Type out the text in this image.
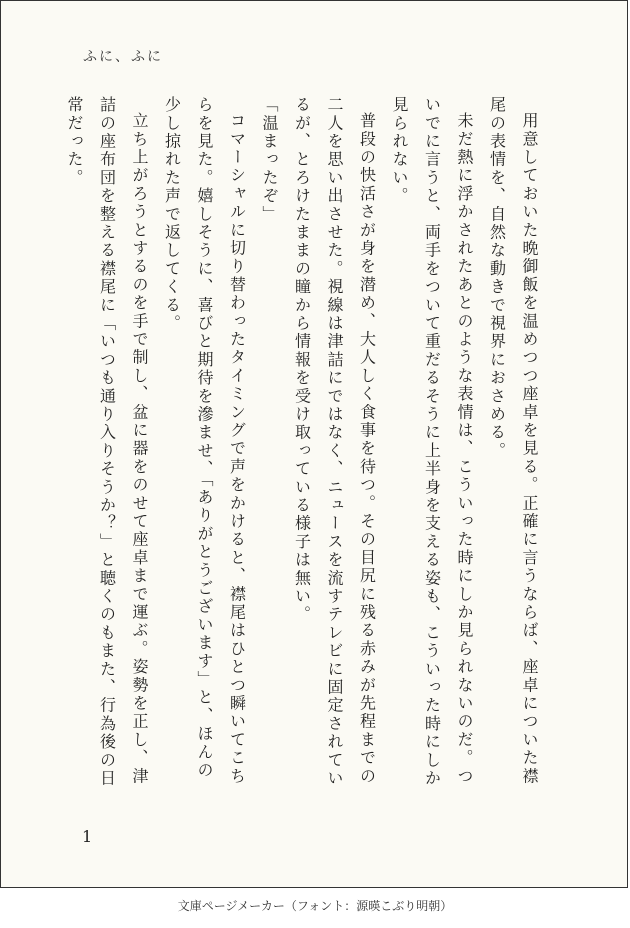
ふに、ふに

用意しておいた晩御飯を温めつつ座卓を見る。正確に言うならば、座卓についた襟尾の表情を、自然な動きで視界におさめる。

未だ熱に浮かされたあとのような表情は、こういった時にしか見られないのだ。ついでに言うと、両手をついて重だるそうに上半身を支える姿も、こういった時にしか見られない。

普段の快活さが身を潜め、大人しく食事を待つ。その目尻に残る赤みが先程までの二人を思い出させた。視線は津詰にではなく、ニュースを流すテレビに固定されているが、とろけたままの瞳から情報を受け取っている様子は無い。

「温まったぞ」

コマーシャルに切り替わったタイミングで声をかけると、襟尾はひとつ瞬いてこちらを見た。嬉しそうに、喜びと期待を滲ませ、「ありがとうございます」と、ほんの少し掠れた声で返してくる。

立ち上がろうとするのを手で制し、盆に器をのせて座卓まで運ぶ。姿勢を正し、津詰の座布団を整える襟尾に「いつも通り入りそうか？」と聴くのもまた、行為後の日常だった。

1
文庫ページメーカー（フォント：源暎こぶり明朝）
